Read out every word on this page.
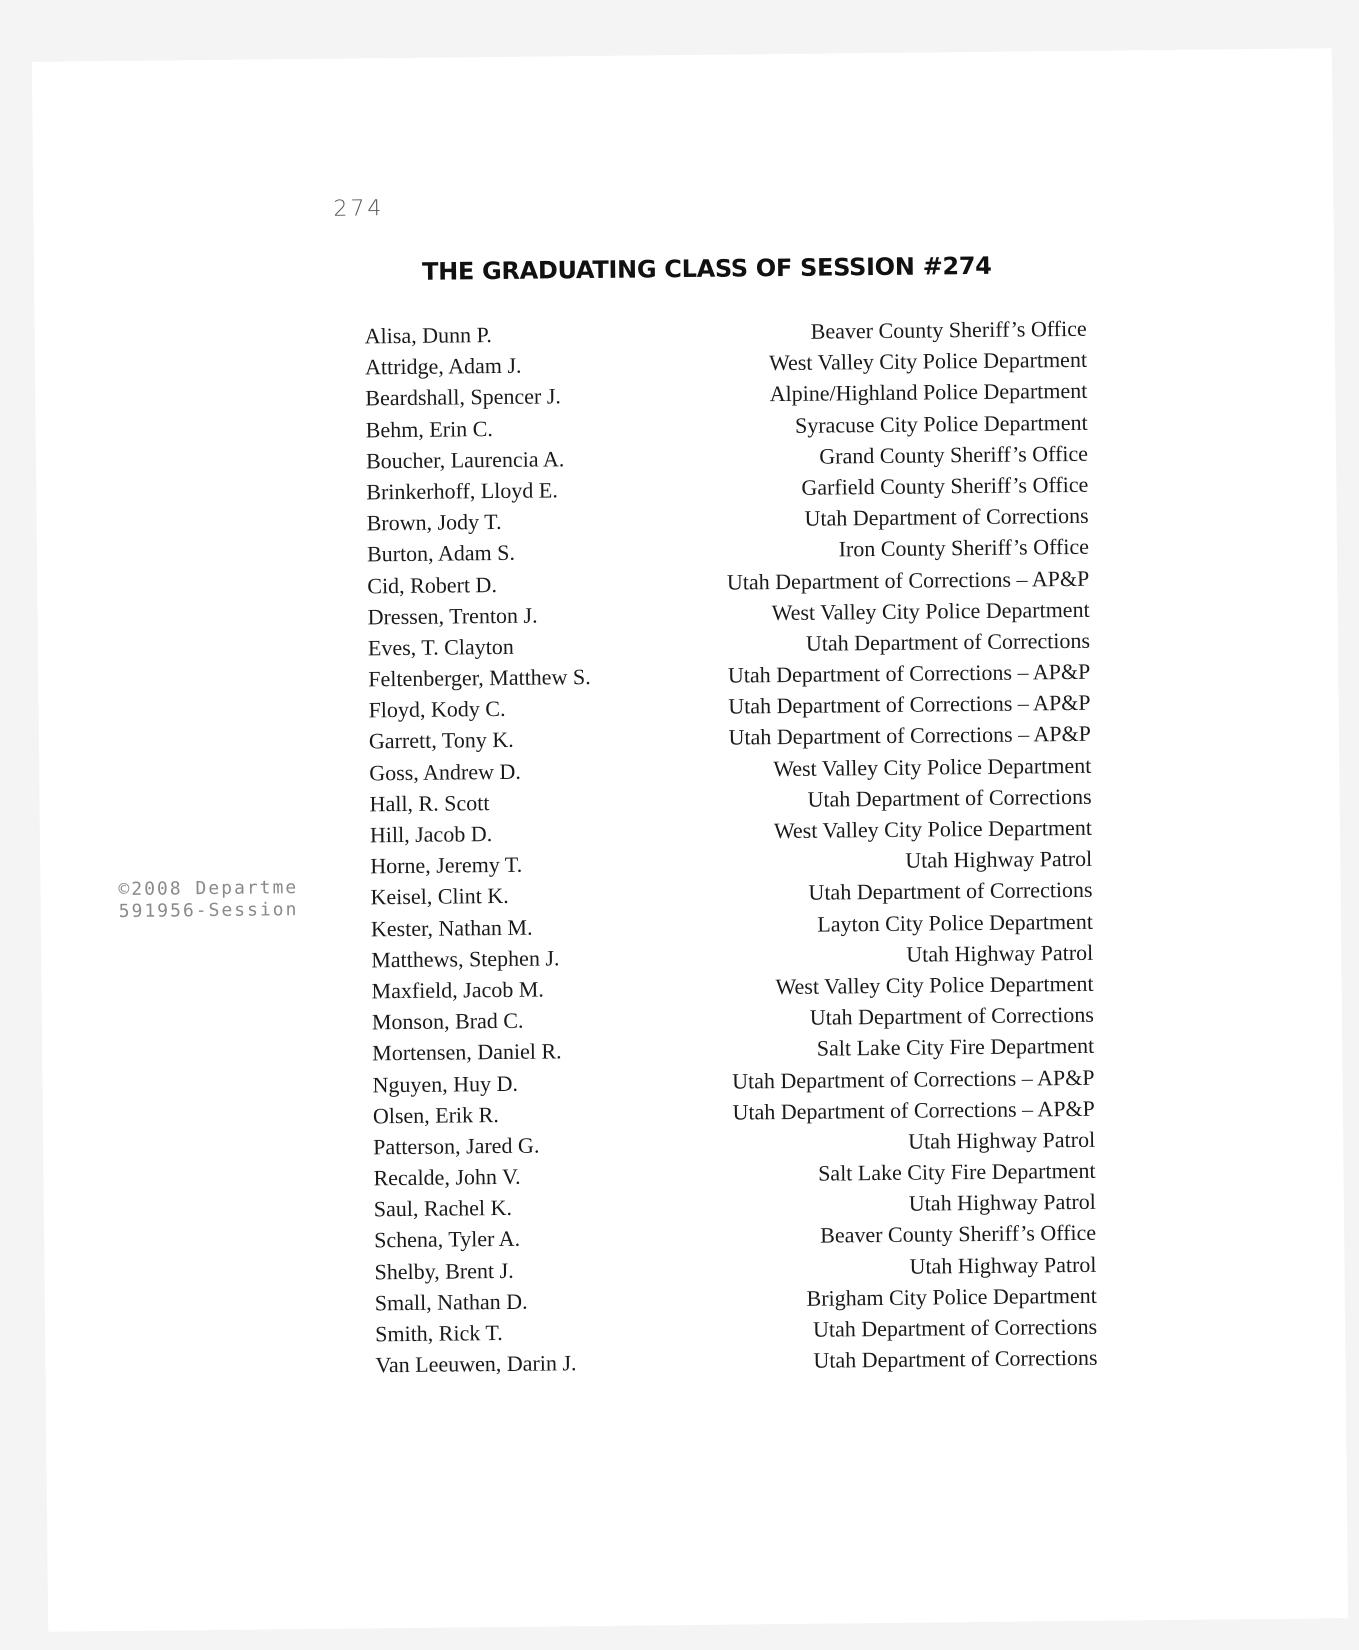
274
THE GRADUATING CLASS OF SESSION #274
Alisa, Dunn P.	Beaver County Sheriff’s Office
Attridge, Adam J.	West Valley City Police Department
Beardshall, Spencer J.	Alpine/Highland Police Department
Behm, Erin C.	Syracuse City Police Department
Boucher, Laurencia A.	Grand County Sheriff’s Office
Brinkerhoff, Lloyd E.	Garfield County Sheriff’s Office
Brown, Jody T.	Utah Department of Corrections
Burton, Adam S.	Iron County Sheriff’s Office
Cid, Robert D.	Utah Department of Corrections – AP&P
Dressen, Trenton J.	West Valley City Police Department
Eves, T. Clayton	Utah Department of Corrections
Feltenberger, Matthew S.	Utah Department of Corrections – AP&P
Floyd, Kody C.	Utah Department of Corrections – AP&P
Garrett, Tony K.	Utah Department of Corrections – AP&P
Goss, Andrew D.	West Valley City Police Department
Hall, R. Scott	Utah Department of Corrections
Hill, Jacob D.	West Valley City Police Department
Horne, Jeremy T.	Utah Highway Patrol
Keisel, Clint K.	Utah Department of Corrections
Kester, Nathan M.	Layton City Police Department
Matthews, Stephen J.	Utah Highway Patrol
Maxfield, Jacob M.	West Valley City Police Department
Monson, Brad C.	Utah Department of Corrections
Mortensen, Daniel R.	Salt Lake City Fire Department
Nguyen, Huy D.	Utah Department of Corrections – AP&P
Olsen, Erik R.	Utah Department of Corrections – AP&P
Patterson, Jared G.	Utah Highway Patrol
Recalde, John V.	Salt Lake City Fire Department
Saul, Rachel K.	Utah Highway Patrol
Schena, Tyler A.	Beaver County Sheriff’s Office
Shelby, Brent J.	Utah Highway Patrol
Small, Nathan D.	Brigham City Police Department
Smith, Rick T.	Utah Department of Corrections
Van Leeuwen, Darin J.	Utah Department of Corrections
©2008 Departme
591956-Session
